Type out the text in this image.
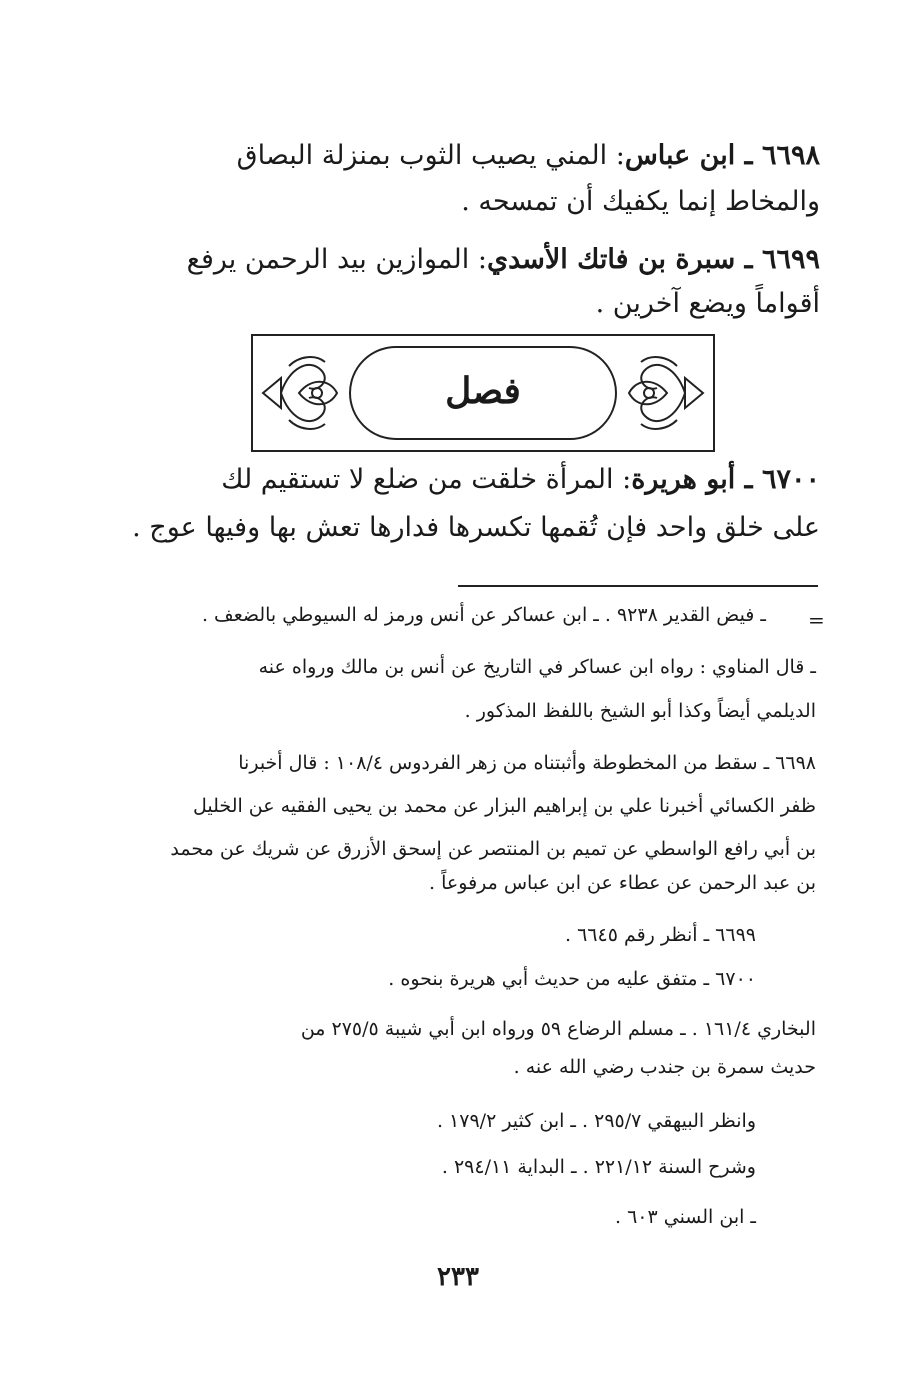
٦٦٩٨ ـ ابن عباس: المني يصيب الثوب بمنزلة البصاق

والمخاط إنما يكفيك أن تمسحه .

٦٦٩٩ ـ سبرة بن فاتك الأسدي: الموازين بيد الرحمن يرفع

أقواماً ويضع آخرين .

فصل

٦٧٠٠ ـ أبو هريرة: المرأة خلقت من ضلع لا تستقيم لك

على خلق واحد فإن تُقمها تكسرها فدارها تعش بها وفيها عوج .

=

ـ فيض القدير ٩٢٣٨ . ـ ابن عساكر عن أنس ورمز له السيوطي بالضعف .

ـ قال المناوي : رواه ابن عساكر في التاريخ عن أنس بن مالك ورواه عنه

الديلمي أيضاً وكذا أبو الشيخ باللفظ المذكور .

٦٦٩٨ ـ سقط من المخطوطة وأثبتناه من زهر الفردوس ١٠٨/٤ : قال أخبرنا

ظفر الكسائي أخبرنا علي بن إبراهيم البزار عن محمد بن يحيى الفقيه عن الخليل

بن أبي رافع الواسطي عن تميم بن المنتصر عن إسحق الأزرق عن شريك عن محمد

بن عبد الرحمن عن عطاء عن ابن عباس مرفوعاً .

٦٦٩٩ ـ أنظر رقم ٦٦٤٥ .

٦٧٠٠ ـ متفق عليه من حديث أبي هريرة بنحوه .

البخاري ١٦١/٤ . ـ مسلم الرضاع ٥٩ ورواه ابن أبي شيبة ٢٧٥/٥ من

حديث سمرة بن جندب رضي الله عنه .

وانظر البيهقي ٢٩٥/٧ . ـ ابن كثير ١٧٩/٢ .

وشرح السنة ٢٢١/١٢ . ـ البداية ٢٩٤/١١ .

ـ ابن السني ٦٠٣ .

٢٣٣
